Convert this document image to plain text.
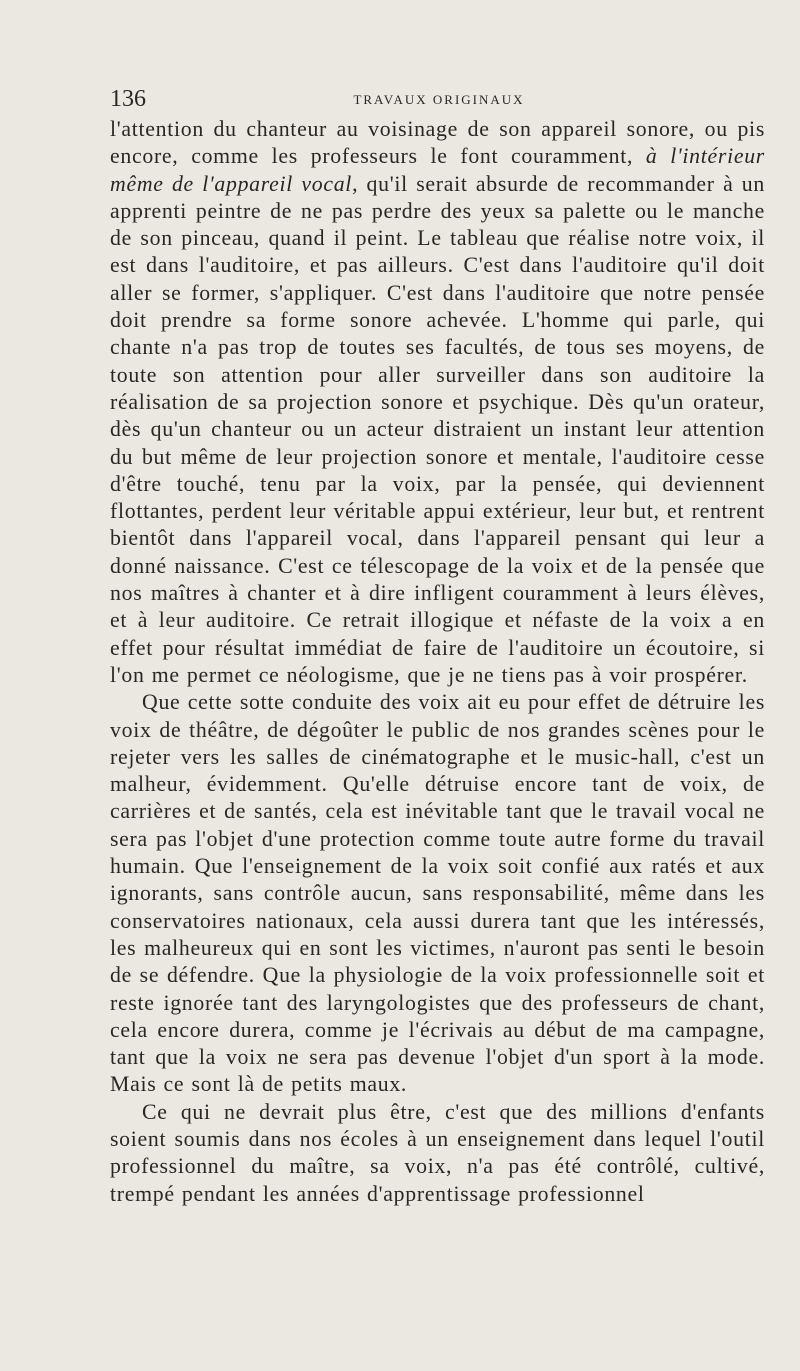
136	TRAVAUX ORIGINAUX

l'attention du chanteur au voisinage de son appareil sonore, ou pis encore, comme les professeurs le font couramment, à l'intérieur même de l'appareil vocal, qu'il serait absurde de recommander à un apprenti peintre de ne pas perdre des yeux sa palette ou le manche de son pinceau, quand il peint. Le tableau que réalise notre voix, il est dans l'auditoire, et pas ailleurs. C'est dans l'auditoire qu'il doit aller se former, s'appliquer. C'est dans l'auditoire que notre pensée doit prendre sa forme sonore achevée. L'homme qui parle, qui chante n'a pas trop de toutes ses facultés, de tous ses moyens, de toute son attention pour aller surveiller dans son auditoire la réalisation de sa projection sonore et psychique. Dès qu'un orateur, dès qu'un chanteur ou un acteur distraient un instant leur attention du but même de leur projection sonore et mentale, l'auditoire cesse d'être touché, tenu par la voix, par la pensée, qui deviennent flottantes, perdent leur véritable appui extérieur, leur but, et rentrent bientôt dans l'appareil vocal, dans l'appareil pensant qui leur a donné naissance. C'est ce télescopage de la voix et de la pensée que nos maîtres à chanter et à dire infligent couramment à leurs élèves, et à leur auditoire. Ce retrait illogique et néfaste de la voix a en effet pour résultat immédiat de faire de l'auditoire un écoutoire, si l'on me permet ce néologisme, que je ne tiens pas à voir prospérer.

Que cette sotte conduite des voix ait eu pour effet de détruire les voix de théâtre, de dégoûter le public de nos grandes scènes pour le rejeter vers les salles de cinématographe et le music-hall, c'est un malheur, évidemment. Qu'elle détruise encore tant de voix, de carrières et de santés, cela est inévitable tant que le travail vocal ne sera pas l'objet d'une protection comme toute autre forme du travail humain. Que l'enseignement de la voix soit confié aux ratés et aux ignorants, sans contrôle aucun, sans responsabilité, même dans les conservatoires nationaux, cela aussi durera tant que les intéressés, les malheureux qui en sont les victimes, n'auront pas senti le besoin de se défendre. Que la physiologie de la voix professionnelle soit et reste ignorée tant des laryngologistes que des professeurs de chant, cela encore durera, comme je l'écrivais au début de ma campagne, tant que la voix ne sera pas devenue l'objet d'un sport à la mode. Mais ce sont là de petits maux.

Ce qui ne devrait plus être, c'est que des millions d'enfants soient soumis dans nos écoles à un enseignement dans lequel l'outil professionnel du maître, sa voix, n'a pas été contrôlé, cultivé, trempé pendant les années d'apprentissage professionnel
